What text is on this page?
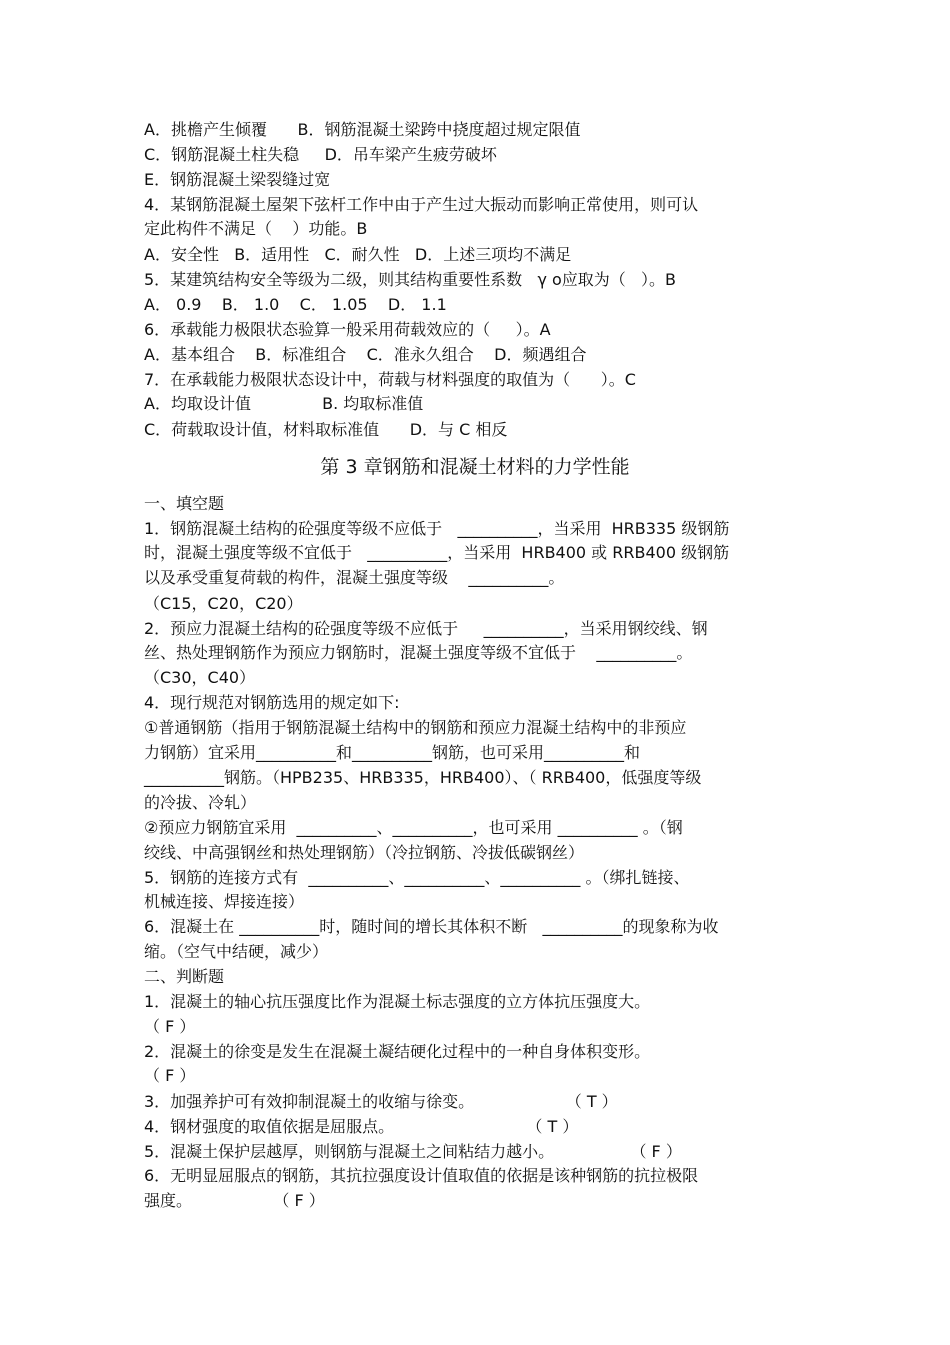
A．挑檐产生倾覆      B．钢筋混凝土梁跨中挠度超过规定限值
C．钢筋混凝土柱失稳     D．吊车梁产生疲劳破坏
E．钢筋混凝土梁裂缝过宽
4．某钢筋混凝土屋架下弦杆工作中由于产生过大振动而影响正常使用，则可认
定此构件不满足（    ）功能。B
A．安全性   B．适用性   C．耐久性   D．上述三项均不满足
5．某建筑结构安全等级为二级，则其结构重要性系数   γ o应取为（   ）。B
A． 0.9    B． 1.0    C． 1.05    D． 1.1
6．承载能力极限状态验算一般采用荷载效应的（     ）。A
A．基本组合    B．标准组合    C．准永久组合    D．频遇组合
7．在承载能力极限状态设计中，荷载与材料强度的取值为（      ）。C
A．均取设计值              B. 均取标准值
C．荷载取设计值，材料取标准值      D．与 C 相反
第 3 章钢筋和混凝土材料的力学性能
一、填空题
1．钢筋混凝土结构的砼强度等级不应低于   __________，当采用  HRB335 级钢筋
时，混凝土强度等级不宜低于   __________，当采用  HRB400 或 RRB400 级钢筋
以及承受重复荷载的构件，混凝土强度等级    __________。
（C15，C20，C20）
2．预应力混凝土结构的砼强度等级不应低于     __________，当采用钢绞线、钢
丝、热处理钢筋作为预应力钢筋时，混凝土强度等级不宜低于    __________。
（C30，C40）
4．现行规范对钢筋选用的规定如下:
①普通钢筋（指用于钢筋混凝土结构中的钢筋和预应力混凝土结构中的非预应
力钢筋）宜采用__________和__________钢筋，也可采用__________和
__________钢筋。（HPB235、HRB335，HRB400）、（ RRB400，低强度等级
的冷拔、冷轧）
②预应力钢筋宜采用  __________、__________，也可采用 __________ 。（钢
绞线、中高强钢丝和热处理钢筋）（冷拉钢筋、冷拔低碳钢丝）
5．钢筋的连接方式有  __________、__________、__________ 。（绑扎链接、
机械连接、焊接连接）
6．混凝土在 __________时，随时间的增长其体积不断   __________的现象称为收
缩。（空气中结硬，减少）
二、判断题
1．混凝土的轴心抗压强度比作为混凝土标志强度的立方体抗压强度大。
（ F ）
2．混凝土的徐变是发生在混凝土凝结硬化过程中的一种自身体积变形。
（ F ）
3．加强养护可有效抑制混凝土的收缩与徐变。                  （ T ）
4．钢材强度的取值依据是屈服点。                          （ T ）
5．混凝土保护层越厚，则钢筋与混凝土之间粘结力越小。               （ F ）
6．无明显屈服点的钢筋，其抗拉强度设计值取值的依据是该种钢筋的抗拉极限
强度。                （ F ）
